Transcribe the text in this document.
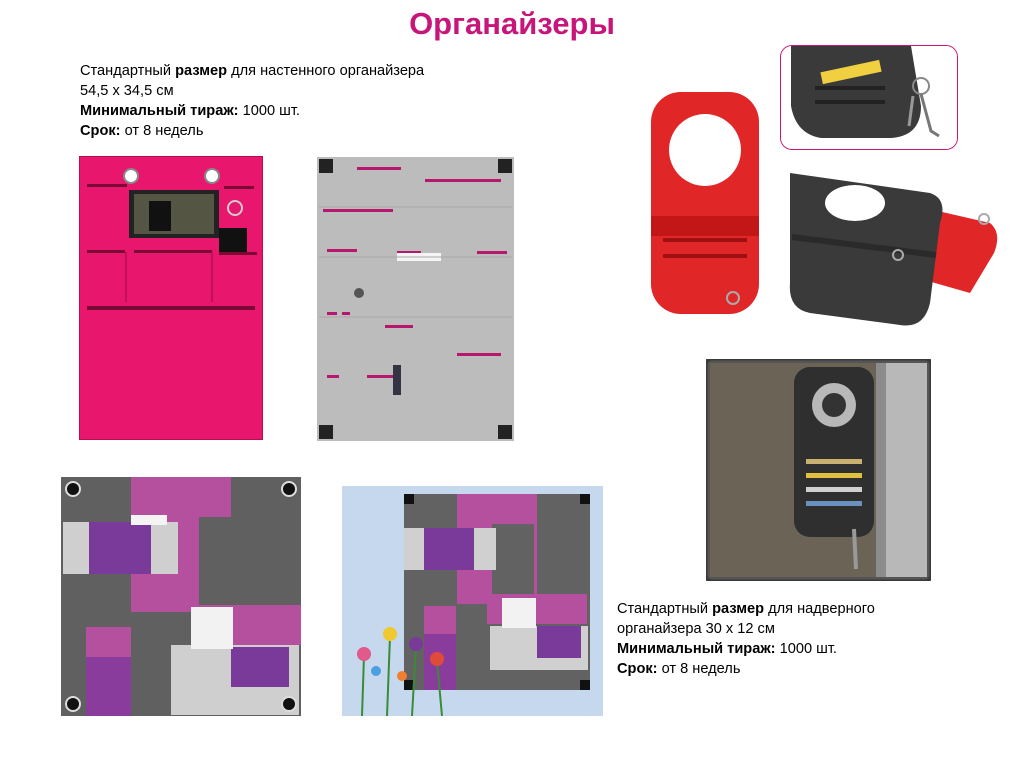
Органайзеры

Стандартный размер для настенного органайзера

54,5 х 34,5 см

Минимальный тираж: 1000 шт.

Срок: от 8 недель

Стандартный размер для надверного

органайзера 30 х 12 см

Минимальный тираж: 1000 шт.

Срок: от 8 недель
